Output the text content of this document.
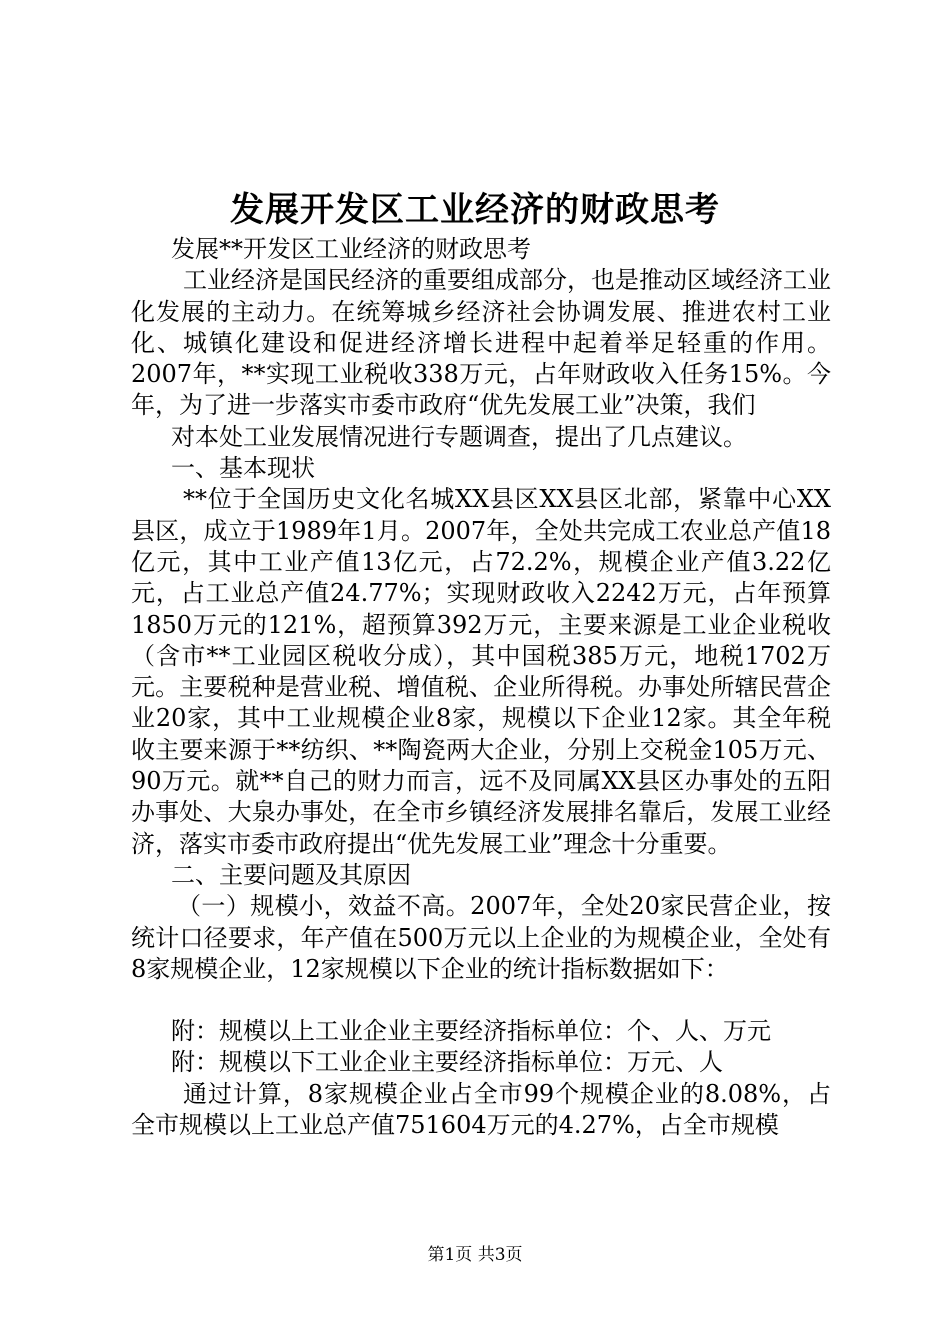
发展开发区工业经济的财政思考

发展**开发区工业经济的财政思考

工业经济是国民经济的重要组成部分，也是推动区域经济工业化发展的主动力。在统筹城乡经济社会协调发展、推进农村工业化、城镇化建设和促进经济增长进程中起着举足轻重的作用。2007年，**实现工业税收338万元，占年财政收入任务15%。今年，为了进一步落实市委市政府“优先发展工业”决策，我们

对本处工业发展情况进行专题调查，提出了几点建议。

一、基本现状

**位于全国历史文化名城XX县区XX县区北部，紧靠中心XX县区，成立于1989年1月。2007年，全处共完成工农业总产值18亿元，其中工业产值13亿元，占72.2%，规模企业产值3.22亿元，占工业总产值24.77%；实现财政收入2242万元，占年预算1850万元的121%，超预算392万元，主要来源是工业企业税收（含市**工业园区税收分成），其中国税385万元，地税1702万元。主要税种是营业税、增值税、企业所得税。办事处所辖民营企业20家，其中工业规模企业8家，规模以下企业12家。其全年税收主要来源于**纺织、**陶瓷两大企业，分别上交税金105万元、90万元。就**自己的财力而言，远不及同属XX县区办事处的五阳办事处、大泉办事处，在全市乡镇经济发展排名靠后，发展工业经济，落实市委市政府提出“优先发展工业”理念十分重要。

二、主要问题及其原因

（一）规模小，效益不高。2007年，全处20家民营企业，按统计口径要求，年产值在500万元以上企业的为规模企业，全处有8家规模企业，12家规模以下企业的统计指标数据如下：

附：规模以上工业企业主要经济指标单位：个、人、万元

附：规模以下工业企业主要经济指标单位：万元、人

通过计算，8家规模企业占全市99个规模企业的8.08%，占全市规模以上工业总产值751604万元的4.27%，占全市规模

第1页 共3页
